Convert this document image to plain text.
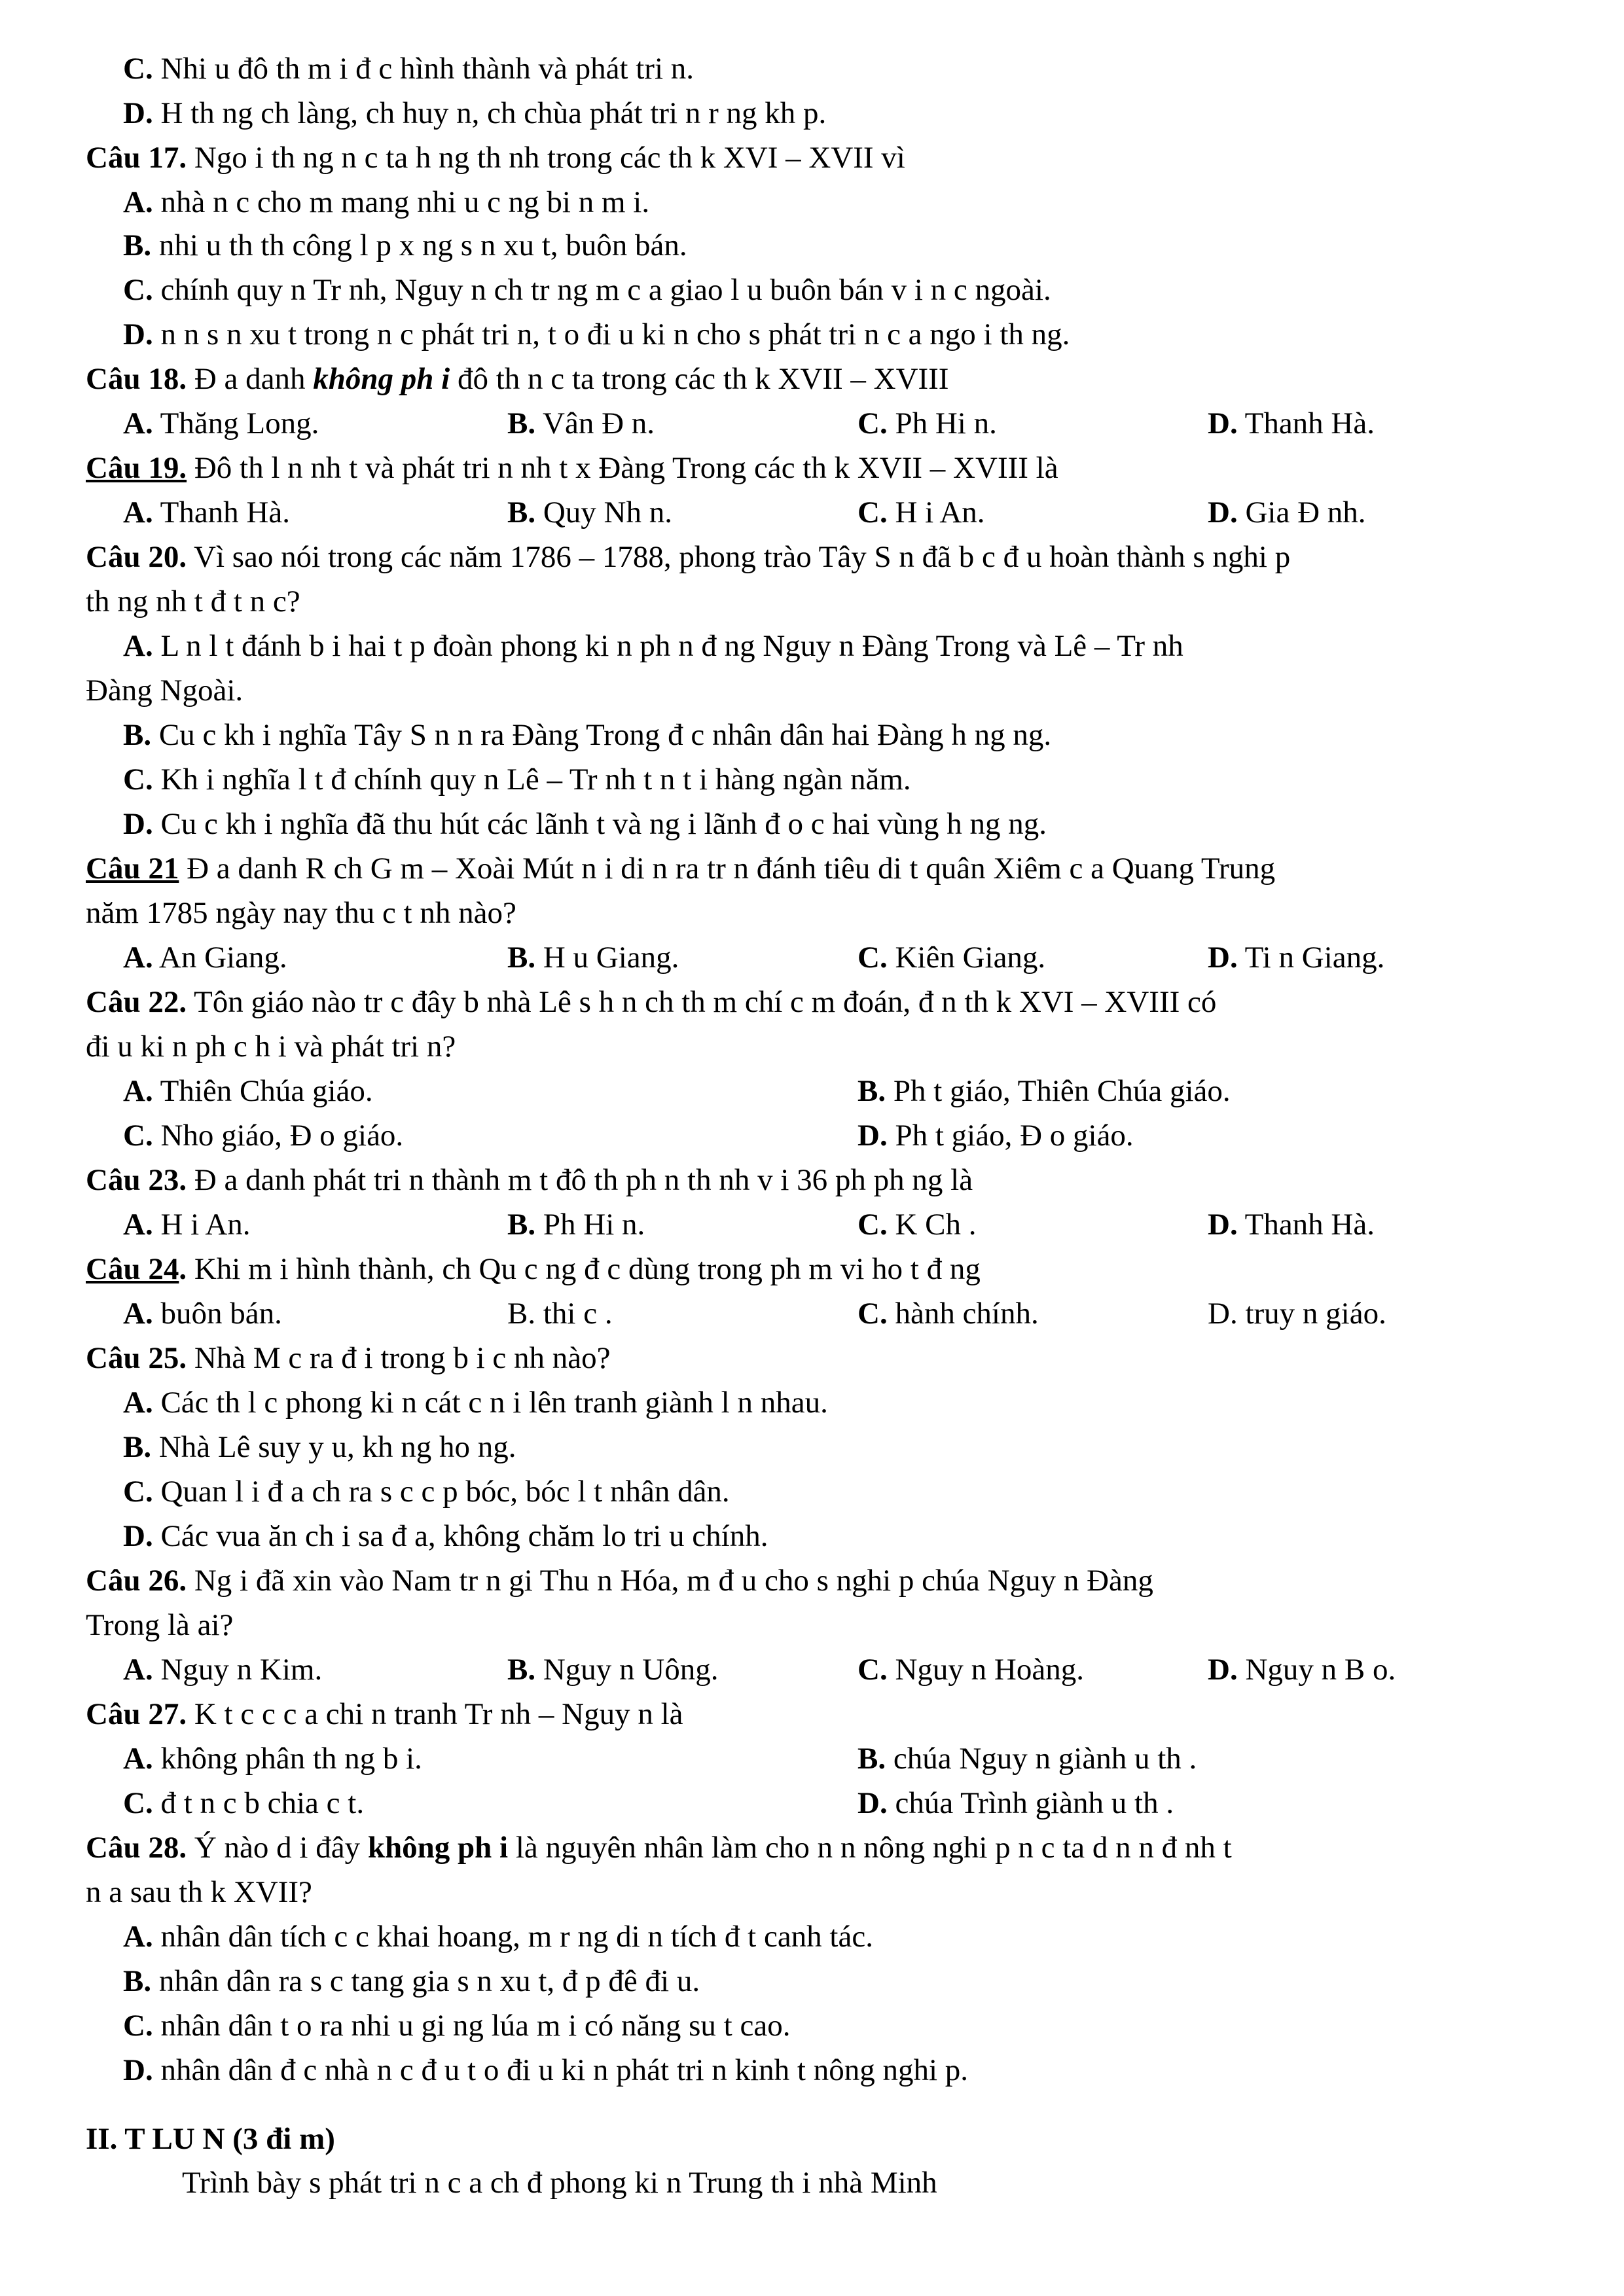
C. Nhi u đô th m i đ c hình thành và phát tri n.
D. H th ng ch làng, ch huy n, ch chùa phát tri n r ng kh p.
Câu 17. Ngo i th ng n c ta h ng th nh trong các th k XVI – XVII vì
A. nhà n c cho m mang nhi u c ng bi n m i.
B. nhi u th th công l p x ng s n xu t, buôn bán.
C. chính quy n Tr nh, Nguy n ch tr ng m c a giao l u buôn bán v i n c ngoài.
D. n n s n xu t trong n c phát tri n, t o đi u ki n cho s phát tri n c a ngo i th ng.
Câu 18. Đ a danh không ph i đô th n c ta trong các th k XVII – XVIII
A. Thăng Long.	B. Vân Đ n.	C. Ph Hi n.	D. Thanh Hà.
Câu 19. Đô th l n nh t và phát tri n nh t x Đàng Trong các th k XVII – XVIII là
A. Thanh Hà.	B. Quy Nh n.	C. H i An.	D. Gia Đ nh.
Câu 20. Vì sao nói trong các năm 1786 – 1788, phong trào Tây S n đã b c đ u hoàn thành s nghi p
th ng nh t đ t n c?
A. L n l t đánh b i hai t p đoàn phong ki n ph n đ ng Nguy n Đàng Trong và Lê – Tr nh
Đàng Ngoài.
B. Cu c kh i nghĩa Tây S n n ra Đàng Trong đ c nhân dân hai Đàng h ng ng.
C. Kh i nghĩa l t đ chính quy n Lê – Tr nh t n t i hàng ngàn năm.
D. Cu c kh i nghĩa đã thu hút các lãnh t và ng i lãnh đ o c hai vùng h ng ng.
Câu 21 Đ a danh R ch G m – Xoài Mút n i di n ra tr n đánh tiêu di t quân Xiêm c a Quang Trung
năm 1785 ngày nay thu c t nh nào?
A. An Giang.	B. H u Giang.	C. Kiên Giang.	D. Ti n Giang.
Câu 22. Tôn giáo nào tr c đây b nhà Lê s h n ch th m chí c m đoán, đ n th k XVI – XVIII có
đi u ki n ph c h i và phát tri n?
A. Thiên Chúa giáo.	B. Ph t giáo, Thiên Chúa giáo.
C. Nho giáo, Đ o giáo.	D. Ph t giáo, Đ o giáo.
Câu 23. Đ a danh phát tri n thành m t đô th ph n th nh v i 36 ph ph ng là
A. H i An.	B. Ph Hi n.	C. K Ch .	D. Thanh Hà.
Câu 24. Khi m i hình thành, ch Qu c ng đ c dùng trong ph m vi ho t đ ng
A. buôn bán.	B. thi c .	C. hành chính.	D. truy n giáo.
Câu 25. Nhà M c ra đ i trong b i c nh nào?
A. Các th l c phong ki n cát c n i lên tranh giành l n nhau.
B. Nhà Lê suy y u, kh ng ho ng.
C. Quan l i đ a ch ra s c c p bóc, bóc l t nhân dân.
D. Các vua ăn ch i sa đ a, không chăm lo tri u chính.
Câu 26. Ng i đã xin vào Nam tr n gi Thu n Hóa, m đ u cho s nghi p chúa Nguy n Đàng
Trong là ai?
A. Nguy n Kim.	B. Nguy n Uông.	C. Nguy n Hoàng.	D. Nguy n B o.
Câu 27. K t c c c a chi n tranh Tr nh – Nguy n là
A. không phân th ng b i.	B. chúa Nguy n giành u th .
C. đ t n c b chia c t.	D. chúa Trình giành u th .
Câu 28. Ý nào d i đây không ph i là nguyên nhân làm cho n n nông nghi p n c ta d n n đ nh t
n a sau th k XVII?
A. nhân dân tích c c khai hoang, m r ng di n tích đ t canh tác.
B. nhân dân ra s c tang gia s n xu t, đ p đê đi u.
C. nhân dân t o ra nhi u gi ng lúa m i có năng su t cao.
D. nhân dân đ c nhà n c đ u t o đi u ki n phát tri n kinh t nông nghi p.
II. T LU N (3 đi m)
Trình bày s phát tri n c a ch đ phong ki n Trung th i nhà Minh
